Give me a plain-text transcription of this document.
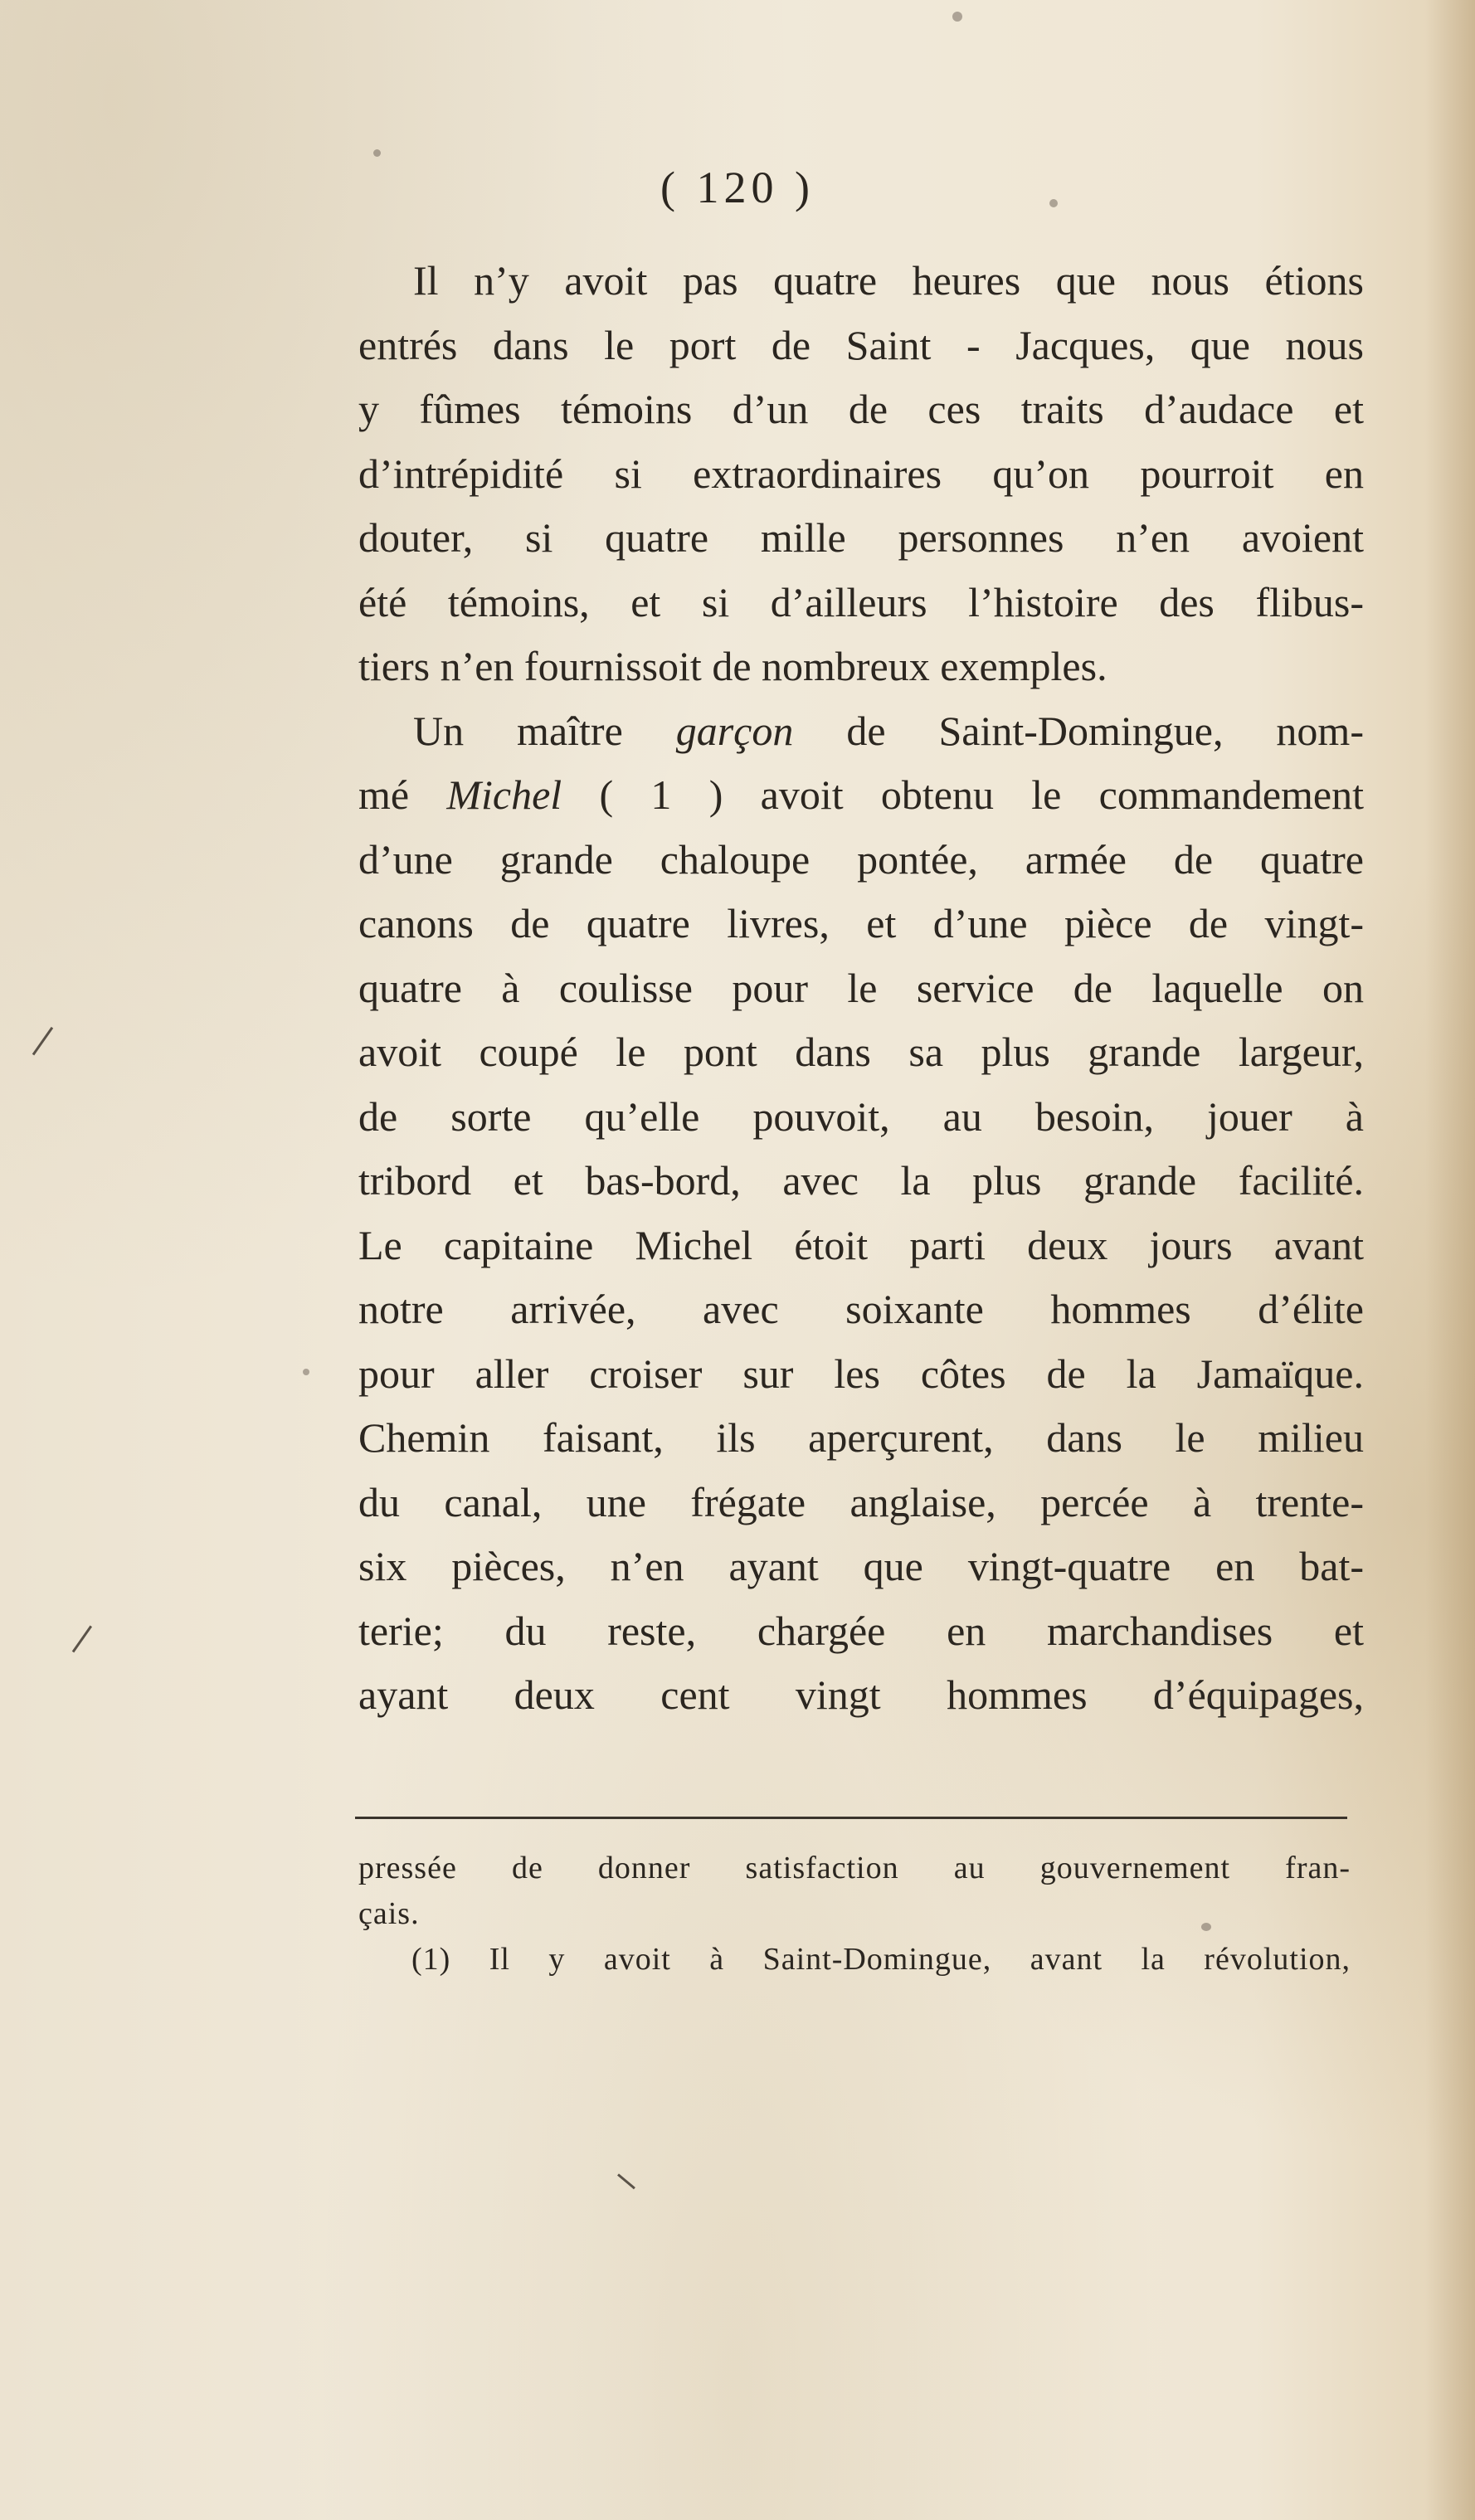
( 120 )
Il n’y avoit pas quatre heures que nous étions
entrés dans le port de Saint - Jacques, que nous
y fûmes témoins d’un de ces traits d’audace et
d’intrépidité si extraordinaires qu’on pourroit en
douter, si quatre mille personnes n’en avoient
été témoins, et si d’ailleurs l’histoire des flibus-
tiers n’en fournissoit de nombreux exemples.
Un maître garçon de Saint-Domingue, nom-
mé Michel ( 1 ) avoit obtenu le commandement
d’une grande chaloupe pontée, armée de quatre
canons de quatre livres, et d’une pièce de vingt-
quatre à coulisse pour le service de laquelle on
avoit coupé le pont dans sa plus grande largeur,
de sorte qu’elle pouvoit, au besoin, jouer à
tribord et bas-bord, avec la plus grande facilité.
Le capitaine Michel étoit parti deux jours avant
notre arrivée, avec soixante hommes d’élite
pour aller croiser sur les côtes de la Jamaïque.
Chemin faisant, ils aperçurent, dans le milieu
du canal, une frégate anglaise, percée à trente-
six pièces, n’en ayant que vingt-quatre en bat-
terie; du reste, chargée en marchandises et
ayant deux cent vingt hommes d’équipages,
pressée de donner satisfaction au gouvernement fran-
çais.
(1) Il y avoit à Saint-Domingue, avant la révolution,
